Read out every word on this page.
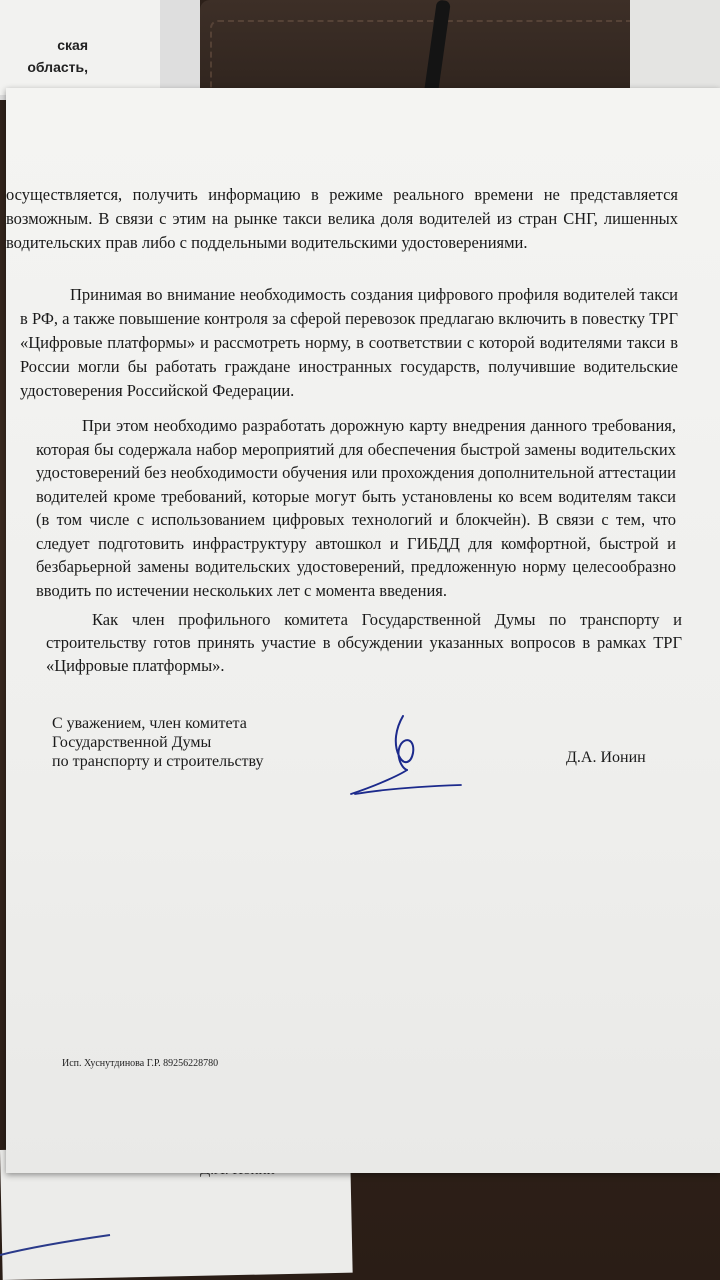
ская область,

осуществляется, получить информацию в режиме реального времени не представляется возможным. В связи с этим на рынке такси велика доля водителей из стран СНГ, лишенных водительских прав либо с поддельными водительскими удостоверениями.

Принимая во внимание необходимость создания цифрового профиля водителей такси в РФ, а также повышение контроля за сферой перевозок предлагаю включить в повестку ТРГ «Цифровые платформы» и рассмотреть норму, в соответствии с которой водителями такси в России могли бы работать граждане иностранных государств, получившие водительские удостоверения Российской Федерации.

При этом необходимо разработать дорожную карту внедрения данного требования, которая бы содержала набор мероприятий для обеспечения быстрой замены водительских удостоверений без необходимости обучения или прохождения дополнительной аттестации водителей кроме требований, которые могут быть установлены ко всем водителям такси (в том числе с использованием цифровых технологий и блокчейн). В связи с тем, что следует подготовить инфраструктуру автошкол и ГИБДД для комфортной, быстрой и безбарьерной замены водительских удостоверений, предложенную норму целесообразно вводить по истечении нескольких лет с момента введения.

Как член профильного комитета Государственной Думы по транспорту и строительству готов принять участие в обсуждении указанных вопросов в рамках ТРГ «Цифровые платформы».

С уважением, член комитета
Государственной Думы
по транспорту и строительству	Д.А. Ионин
Исп. Хуснутдинова Г.Р. 89256228780
